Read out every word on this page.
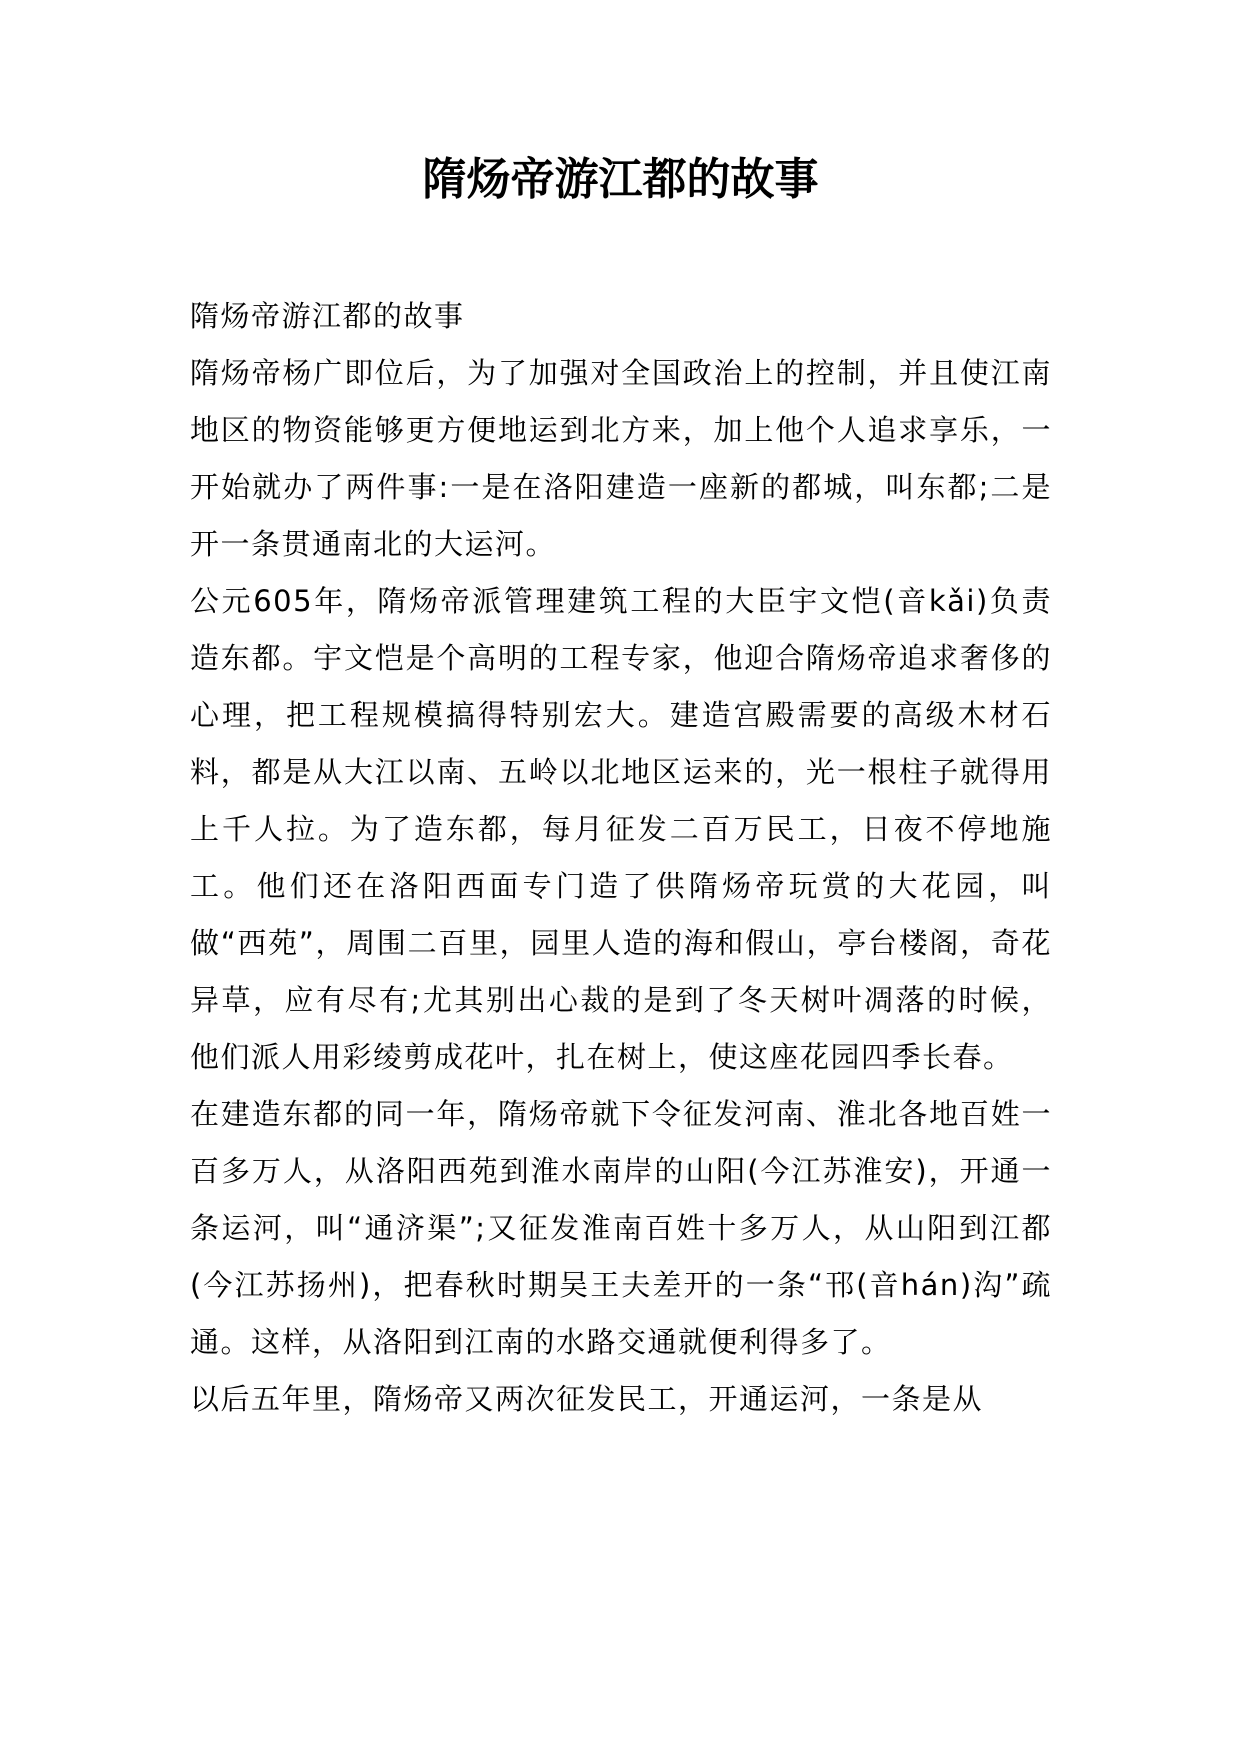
隋炀帝游江都的故事

隋炀帝游江都的故事

隋炀帝杨广即位后，为了加强对全国政治上的控制，并且使江南地区的物资能够更方便地运到北方来，加上他个人追求享乐，一开始就办了两件事:一是在洛阳建造一座新的都城，叫东都;二是开一条贯通南北的大运河。

公元605年，隋炀帝派管理建筑工程的大臣宇文恺(音kǎi)负责造东都。宇文恺是个高明的工程专家，他迎合隋炀帝追求奢侈的心理，把工程规模搞得特别宏大。建造宫殿需要的高级木材石料，都是从大江以南、五岭以北地区运来的，光一根柱子就得用上千人拉。为了造东都，每月征发二百万民工，日夜不停地施工。他们还在洛阳西面专门造了供隋炀帝玩赏的大花园，叫做“西苑”，周围二百里，园里人造的海和假山，亭台楼阁，奇花异草，应有尽有;尤其别出心裁的是到了冬天树叶凋落的时候，他们派人用彩绫剪成花叶，扎在树上，使这座花园四季长春。

在建造东都的同一年，隋炀帝就下令征发河南、淮北各地百姓一百多万人，从洛阳西苑到淮水南岸的山阳(今江苏淮安)，开通一条运河，叫“通济渠”;又征发淮南百姓十多万人，从山阳到江都(今江苏扬州)，把春秋时期吴王夫差开的一条“邗(音hán)沟”疏通。这样，从洛阳到江南的水路交通就便利得多了。

以后五年里，隋炀帝又两次征发民工，开通运河，一条是从
